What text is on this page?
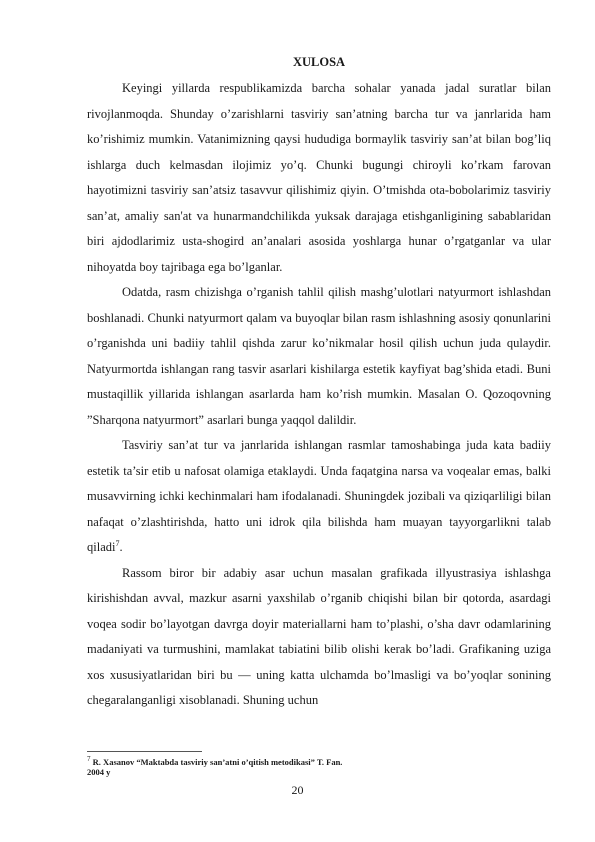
XULOSA

Keyingi yillarda respublikamizda barcha sohalar yanada jadal suratlar bilan rivojlanmoqda. Shunday o’zarishlarni tasviriy san’atning barcha tur va janrlarida ham ko’rishimiz mumkin. Vatanimizning qaysi hududiga bormaylik tasviriy san’at bilan bog’liq ishlarga duch kelmasdan ilojimiz yo’q. Chunki bugungi chiroyli ko’rkam farovan hayotimizni tasviriy san’atsiz tasavvur qilishimiz qiyin. O’tmishda ota-bobolarimiz tasviriy san’at, amaliy san'at va hunarmandchilikda yuksak darajaga etishganligining sabablaridan biri ajdodlarimiz usta-shogird an’analari asosida yoshlarga hunar o’rgatganlar va ular nihoyatda boy tajribaga ega bo’lganlar.

Odatda, rasm chizishga o’rganish tahlil qilish mashg’ulotlari natyurmort ishlashdan boshlanadi. Chunki natyurmort qalam va buyoqlar bilan rasm ishlashning asosiy qonunlarini o’rganishda uni badiiy tahlil qishda zarur ko’nikmalar hosil qilish uchun juda qulaydir. Natyurmortda ishlangan rang tasvir asarlari kishilarga estetik kayfiyat bag’shida etadi. Buni mustaqillik yillarida ishlangan asarlarda ham ko’rish mumkin. Masalan O. Qozoqovning ”Sharqona natyurmort” asarlari bunga yaqqol dalildir.

Tasviriy san’at tur va janrlarida ishlangan rasmlar tamoshabinga juda kata badiiy estetik ta’sir etib u nafosat olamiga etaklaydi. Unda faqatgina narsa va voqealar emas, balki musavvirning ichki kechinmalari ham ifodalanadi. Shuningdek jozibali va qiziqarliligi bilan nafaqat o’zlashtirishda, hatto uni idrok qila bilishda ham muayan tayyorgarlikni talab qiladi$^7$.

Rassom biror bir adabiy asar uchun masalan grafikada illyustrasiya ishlashga kirishishdan avval, mazkur asarni yaxshilab o’rganib chiqishi bilan bir qotorda, asardagi voqea sodir bo’layotgan davrga doyir materiallarni ham to’plashi, o’sha davr odamlarining madaniyati va turmushini, mamlakat tabiatini bilib olishi kerak bo’ladi. Grafikaning uziga xos xususiyatlaridan biri bu — uning katta ulchamda bo’lmasligi va bo’yoqlar sonining chegaralanganligi xisoblanadi. Shuning uchun

$^7$ R. Xasanov “Maktabda tasviriy san’atni o’qitish metodikasi” T. Fan.
2004 y
20
